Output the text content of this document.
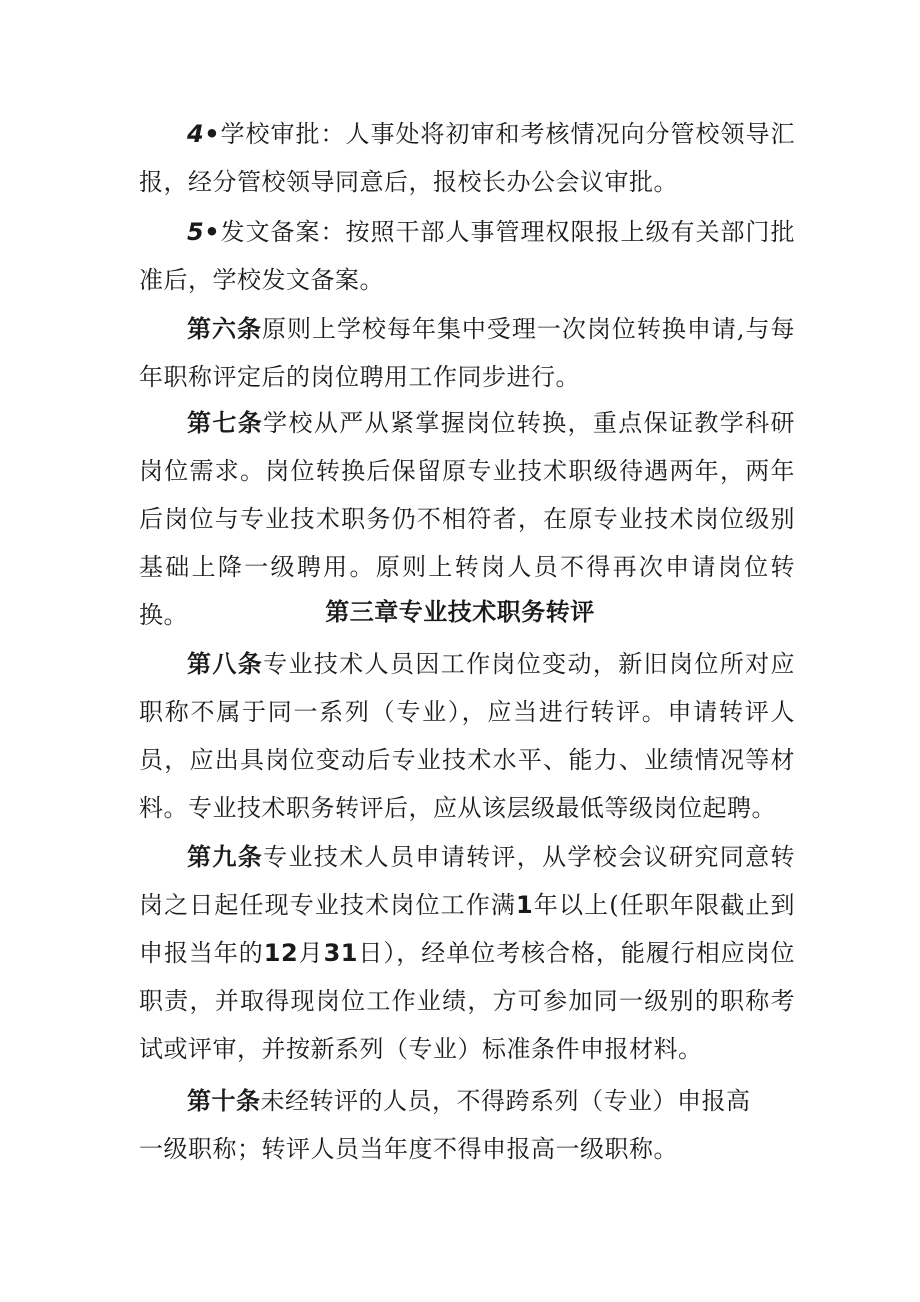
4•学校审批：人事处将初审和考核情况向分管校领导汇报，经分管校领导同意后，报校长办公会议审批。

5•发文备案：按照干部人事管理权限报上级有关部门批准后，学校发文备案。

第六条原则上学校每年集中受理一次岗位转换申请,与每年职称评定后的岗位聘用工作同步进行。

第七条学校从严从紧掌握岗位转换，重点保证教学科研岗位需求。岗位转换后保留原专业技术职级待遇两年，两年后岗位与专业技术职务仍不相符者，在原专业技术岗位级别基础上降一级聘用。原则上转岗人员不得再次申请岗位转换。	第三章专业技术职务转评

第八条专业技术人员因工作岗位变动，新旧岗位所对应职称不属于同一系列（专业），应当进行转评。申请转评人员，应出具岗位变动后专业技术水平、能力、业绩情况等材料。专业技术职务转评后，应从该层级最低等级岗位起聘。

第九条专业技术人员申请转评，从学校会议研究同意转岗之日起任现专业技术岗位工作满1年以上(任职年限截止到申报当年的12月31日），经单位考核合格，能履行相应岗位职责，并取得现岗位工作业绩，方可参加同一级别的职称考试或评审，并按新系列（专业）标准条件申报材料。

第十条未经转评的人员，不得跨系列（专业）申报高
一级职称；转评人员当年度不得申报高一级职称。
